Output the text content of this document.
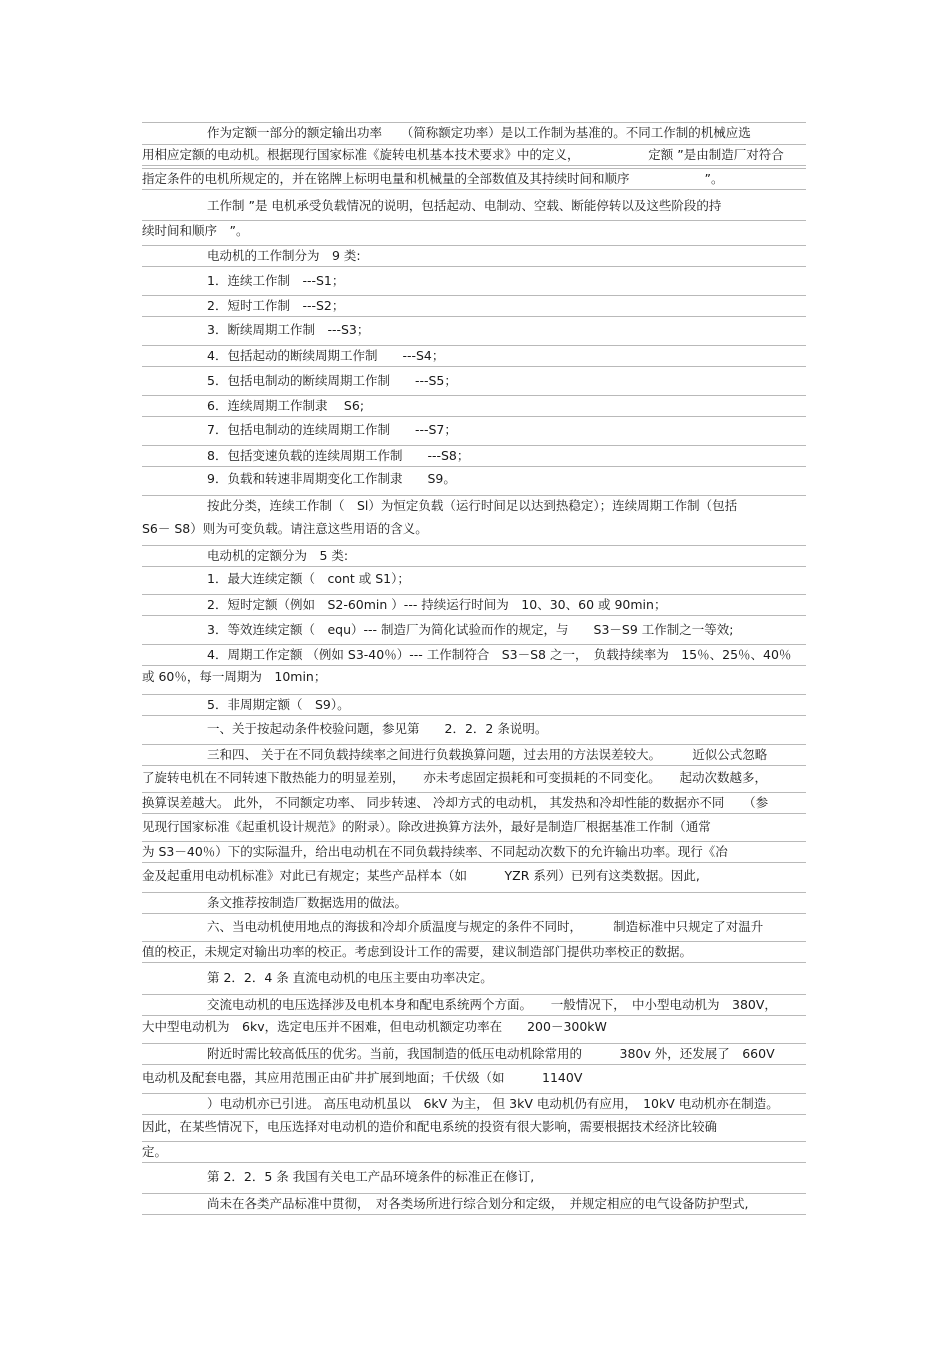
作为定额一部分的额定输出功率　　（简称额定功率）是以工作制为基准的。不同工作制的机械应选
用相应定额的电动机。根据现行国家标准《旋转电机基本技术要求》中的定义，　　　　　　定额 ”是由制造厂对符合
指定条件的电机所规定的，并在铭牌上标明电量和机械量的全部数值及其持续时间和顺序　　　　　　”。
工作制 ”是 电机承受负载情况的说明，包括起动、电制动、空载、断能停转以及这些阶段的持
续时间和顺序　”。
电动机的工作制分为　9 类:
1．连续工作制　---S1；
2．短时工作制　---S2；
3．断续周期工作制　---S3；
4．包括起动的断续周期工作制　　---S4；
5．包括电制动的断续周期工作制　　---S5；
6．连续周期工作制隶　 S6;
7．包括电制动的连续周期工作制　　---S7；
8．包括变速负载的连续周期工作制　　---S8；
9．负载和转速非周期变化工作制隶　　S9。
按此分类，连续工作制（　Sl）为恒定负载（运行时间足以达到热稳定）；连续周期工作制（包括
S6－ S8）则为可变负载。请注意这些用语的含义。
电动机的定额分为　5 类:
1．最大连续定额（　cont 或 S1）；
2．短时定额（例如　S2-60min ）--- 持续运行时间为　10、30、60 或 90min；
3．等效连续定额（　equ）--- 制造厂为简化试验而作的规定，与　　S3－S9 工作制之一等效;
4．周期工作定额 （例如 S3-40％）--- 工作制符合　S3－S8 之一，　负载持续率为　15％、25％、40％
或 60％，每一周期为　10min；
5．非周期定额（　S9）。
一、关于按起动条件校验问题，参见第　　2．2．2 条说明。
三和四、 关于在不同负载持续率之间进行负载换算问题，过去用的方法误差较大。　　　近似公式忽略
了旋转电机在不同转速下散热能力的明显差别，　　亦未考虑固定损耗和可变损耗的不同变化。　　起动次数越多，
换算误差越大。 此外， 不同额定功率、 同步转速、 冷却方式的电动机， 其发热和冷却性能的数据亦不同　　（参
见现行国家标准《起重机设计规范》的附录）。除改进换算方法外，最好是制造厂根据基准工作制（通常
为 S3－40％）下的实际温升，给出电动机在不同负载持续率、不同起动次数下的允许输出功率。现行《冶
金及起重用电动机标准》对此已有规定；某些产品样本（如　　　YZR 系列）已列有这类数据。因此,
条文推荐按制造厂数据选用的做法。
六、当电动机使用地点的海拔和冷却介质温度与规定的条件不同时，　　　制造标准中只规定了对温升
值的校正，未规定对输出功率的校正。考虑到设计工作的需要，建议制造部门提供功率校正的数据。
第 2．2．4 条 直流电动机的电压主要由功率决定。
交流电动机的电压选择涉及电机本身和配电系统两个方面。　　一般情况下，　中小型电动机为　380V，
大中型电动机为　6kv，选定电压并不困难，但电动机额定功率在　　200－300kW
附近时需比较高低压的优劣。当前，我国制造的低压电动机除常用的　　　380v 外，还发展了　660V
电动机及配套电器，其应用范围正由矿井扩展到地面；千伏级（如　　　1140V
）电动机亦已引进。 高压电动机虽以　6kV 为主， 但 3kV 电动机仍有应用，　10kV 电动机亦在制造。
因此，在某些情况下，电压选择对电动机的造价和配电系统的投资有很大影响，需要根据技术经济比较确
定。
第 2．2．5 条 我国有关电工产品环境条件的标准正在修订,
尚未在各类产品标准中贯彻，　对各类场所进行综合划分和定级，　并规定相应的电气设备防护型式,
